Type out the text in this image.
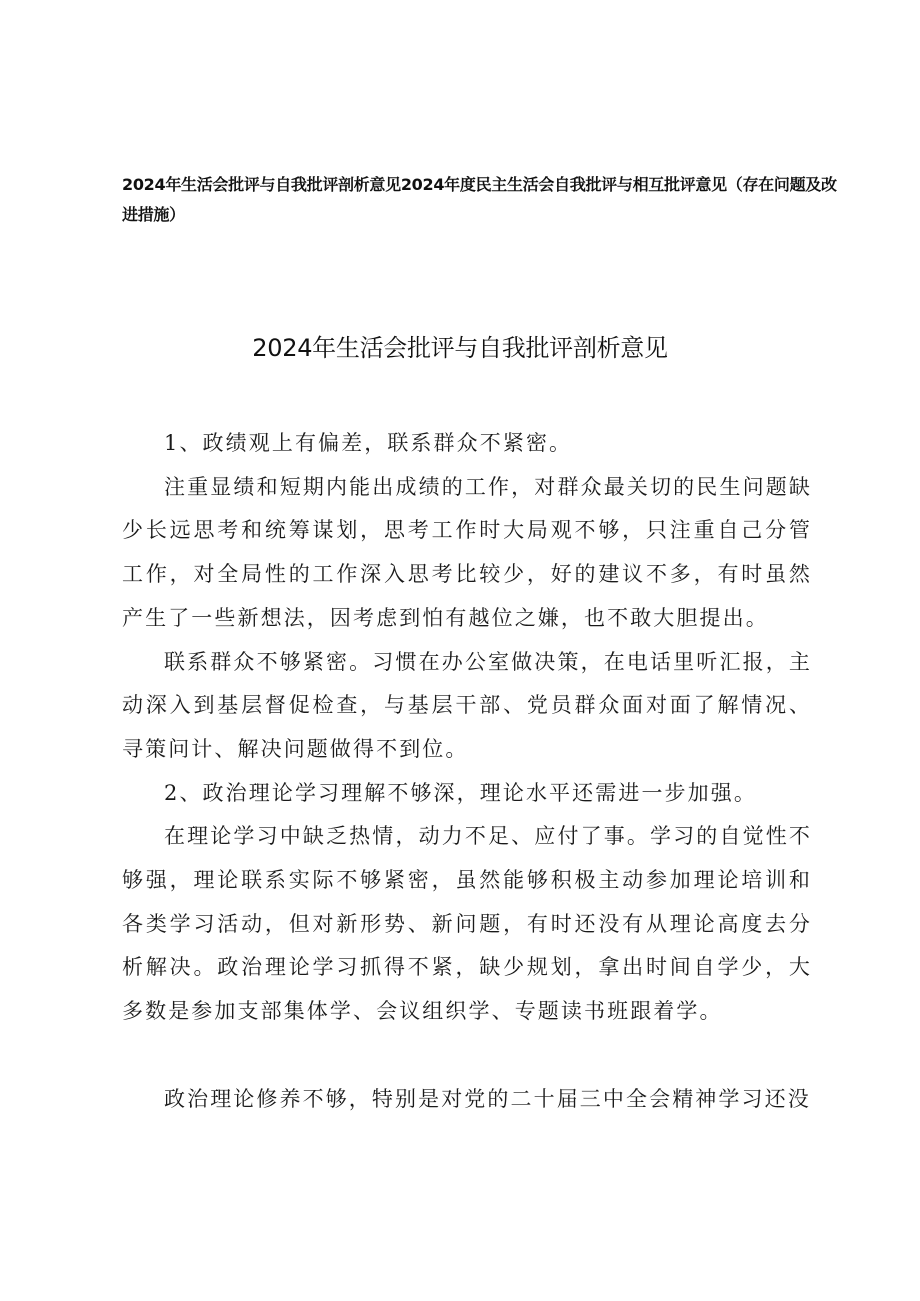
2024年生活会批评与自我批评剖析意见2024年度民主生活会自我批评与相互批评意见（存在问题及改进措施）
2024年生活会批评与自我批评剖析意见

1、政绩观上有偏差，联系群众不紧密。

注重显绩和短期内能出成绩的工作，对群众最关切的民生问题缺少长远思考和统筹谋划，思考工作时大局观不够，只注重自己分管工作，对全局性的工作深入思考比较少，好的建议不多，有时虽然产生了一些新想法，因考虑到怕有越位之嫌，也不敢大胆提出。

联系群众不够紧密。习惯在办公室做决策，在电话里听汇报，主动深入到基层督促检查，与基层干部、党员群众面对面了解情况、寻策问计、解决问题做得不到位。

2、政治理论学习理解不够深，理论水平还需进一步加强。

在理论学习中缺乏热情，动力不足、应付了事。学习的自觉性不够强，理论联系实际不够紧密，虽然能够积极主动参加理论培训和各类学习活动，但对新形势、新问题，有时还没有从理论高度去分析解决。政治理论学习抓得不紧，缺少规划，拿出时间自学少，大多数是参加支部集体学、会议组织学、专题读书班跟着学。

政治理论修养不够，特别是对党的二十届三中全会精神学习还没
